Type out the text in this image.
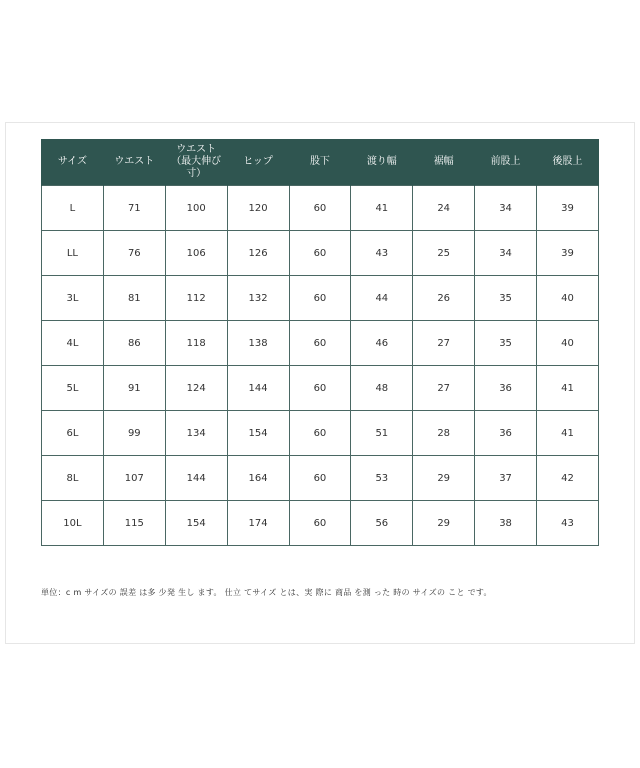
サイズ	ウエスト	ウエスト（最大伸び寸）	ヒップ	股下	渡り幅	裾幅	前股上	後股上
L	71	100	120	60	41	24	34	39
LL	76	106	126	60	43	25	34	39
3L	81	112	132	60	44	26	35	40
4L	86	118	138	60	46	27	35	40
5L	91	124	144	60	48	27	36	41
6L	99	134	154	60	51	28	36	41
8L	107	144	164	60	53	29	37	42
10L	115	154	174	60	56	29	38	43
単位：c m サイズの 誤差 は多 少発 生し ます。 仕立 てサイズ とは、実 際に 商品 を測 った 時の サイズの こと です。
